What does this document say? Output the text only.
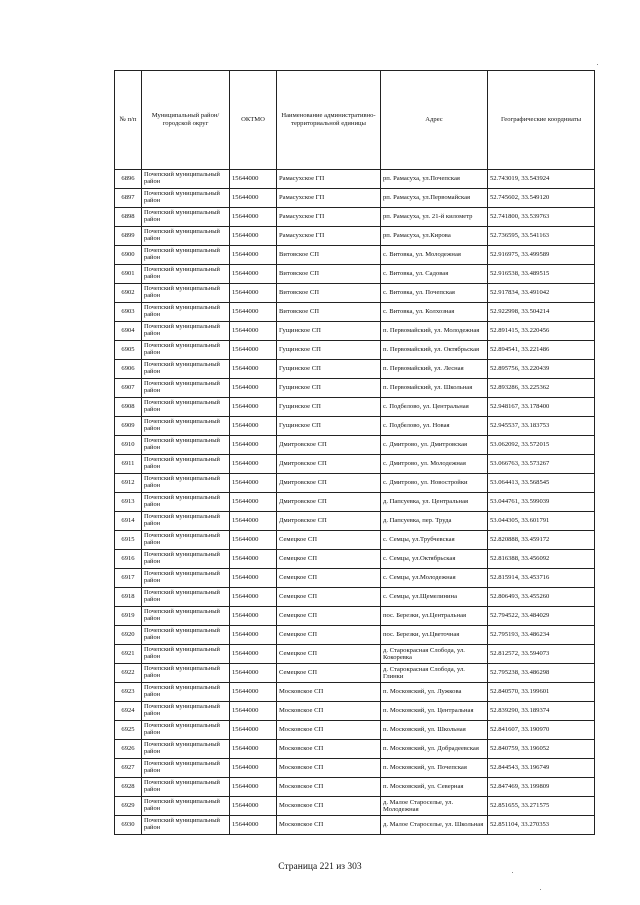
№ п/п	Муниципальный район/городской округ	ОКТМО	Наименование административно-территориальной единицы	Адрес	Географические коордниаты
6896	Почепский муниципальный район	15644000	Рамасухское ГП	рп. Рамасуха, ул.Почепская	52.743019, 33.543924
6897	Почепский муниципальный район	15644000	Рамасухское ГП	рп. Рамасуха, ул.Первомайская	52.745602, 33.549120
6898	Почепский муниципальный район	15644000	Рамасухское ГП	рп. Рамасуха, ул. 21-й километр	52.741800, 33.539763
6899	Почепский муниципальный район	15644000	Рамасухское ГП	рп. Рамасуха, ул.Кирова	52.736595, 33.541163
6900	Почепский муниципальный район	15644000	Витовское СП	с. Витовка, ул. Молодежная	52.916975, 33.499589
6901	Почепский муниципальный район	15644000	Витовское СП	с. Витовка, ул. Садовая	52.916538, 33.489515
6902	Почепский муниципальный район	15644000	Витовское СП	с. Витовка, ул. Почепская	52.917834, 33.491042
6903	Почепский муниципальный район	15644000	Витовское СП	с. Витовка, ул. Колхозная	52.922998, 33.504214
6904	Почепский муниципальный район	15644000	Гущинское СП	п. Первомайский, ул. Молодежная	52.891415, 33.220456
6905	Почепский муниципальный район	15644000	Гущинское СП	п. Первомайский, ул. Октябрьская	52.894541, 33.221486
6906	Почепский муниципальный район	15644000	Гущинское СП	п. Первомайский, ул. Лесная	52.895756, 33.220439
6907	Почепский муниципальный район	15644000	Гущинское СП	п. Первомайский, ул. Школьная	52.893286, 33.225362
6908	Почепский муниципальный район	15644000	Гущинское СП	с. Подбелово, ул. Центральная	52.948167, 33.178400
6909	Почепский муниципальный район	15644000	Гущинское СП	с. Подбелово, ул. Новая	52.945537, 33.183753
6910	Почепский муниципальный район	15644000	Дмитровское СП	с. Дмитрово, ул. Дмитровская	53.062092, 33.572015
6911	Почепский муниципальный район	15644000	Дмитровское СП	с. Дмитрово, ул. Молодежная	53.066763, 33.573267
6912	Почепский муниципальный район	15644000	Дмитровское СП	с. Дмитрово, ул. Новостройки	53.064413, 33.568545
6913	Почепский муниципальный район	15644000	Дмитровское СП	д. Папсуевка, ул. Центральная	53.044761, 33.599039
6914	Почепский муниципальный район	15644000	Дмитровское СП	д. Папсуевка, пер. Труда	53.044305, 33.601791
6915	Почепский муниципальный район	15644000	Семецкое СП	с. Семцы, ул.Трубчевская	52.820888, 33.459172
6916	Почепский муниципальный район	15644000	Семецкое СП	с. Семцы, ул.Октябрьская	52.816388, 33.456092
6917	Почепский муниципальный район	15644000	Семецкое СП	с. Семцы, ул.Молодежная	52.815914, 33.453716
6918	Почепский муниципальный район	15644000	Семецкое СП	с. Семцы, ул.Щемелинина	52.806493, 33.455260
6919	Почепский муниципальный район	15644000	Семецкое СП	пос. Березки, ул.Центральная	52.794522, 33.484029
6920	Почепский муниципальный район	15644000	Семецкое СП	пос. Березки, ул.Цветочная	52.795193, 33.486234
6921	Почепский муниципальный район	15644000	Семецкое СП	д. Старокрасная Слобода, ул. Кокоревка	52.812572, 33.594073
6922	Почепский муниципальный район	15644000	Семецкое СП	д. Старокрасная Слобода, ул. Глинки	52.795238, 33.486298
6923	Почепский муниципальный район	15644000	Московское СП	п. Московский, ул. Лужкова	52.840570, 33.199601
6924	Почепский муниципальный район	15644000	Московское СП	п. Московский, ул. Центральная	52.839290, 33.189374
6925	Почепский муниципальный район	15644000	Московское СП	п. Московский, ул. Школьная	52.841607, 33.190970
6926	Почепский муниципальный район	15644000	Московское СП	п. Московский, ул. Добрадеевская	52.840759, 33.196052
6927	Почепский муниципальный район	15644000	Московское СП	п. Московский, ул. Почепская	52.844543, 33.196749
6928	Почепский муниципальный район	15644000	Московское СП	п. Московский, ул. Северная	52.847469, 33.199809
6929	Почепский муниципальный район	15644000	Московское СП	д. Малое Староселье, ул. Молодежная	52.851655, 33.271575
6930	Почепский муниципальный район	15644000	Московское СП	д. Малое Староселье, ул. Школьная	52.851104, 33.270353
Страница 221 из 303
